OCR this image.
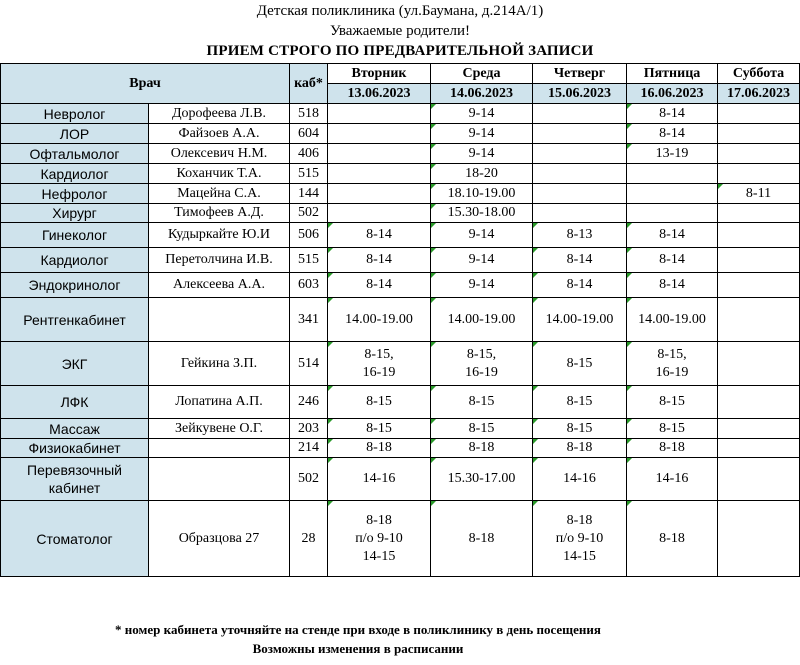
Детская поликлиника (ул.Баумана, д.214А/1)
Уважаемые родители!
ПРИЕМ СТРОГО ПО ПРЕДВАРИТЕЛЬНОЙ ЗАПИСИ
Врач		каб*	Вторник	Среда	Четверг	Пятница	Суббота
			13.06.2023	14.06.2023	15.06.2023	16.06.2023	17.06.2023

Невролог	Дорофеева Л.В.	518		9-14		8-14	

ЛОР	Файзоев А.А.	604		9-14		8-14	

Офтальмолог	Олексевич Н.М.	406		9-14		13-19	

Кардиолог	Коханчик Т.А.	515		18-20			

Нефролог	Мацейна С.А.	144		18.10-19.00			8-11

Хирург	Тимофеев А.Д.	502		15.30-18.00			

Гинеколог	Кудыркайте Ю.И	506	8-14	9-14	8-13	8-14	

Кардиолог	Перетолчина И.В.	515	8-14	9-14	8-14	8-14	

Эндокринолог	Алексеева А.А.	603	8-14	9-14	8-14	8-14	

Рентгенкабинет		341	14.00-19.00	14.00-19.00	14.00-19.00	14.00-19.00	

ЭКГ	Гейкина З.П.	514	8-15,
16-19	8-15,
16-19	8-15	8-15,
16-19	

ЛФК	Лопатина А.П.	246	8-15	8-15	8-15	8-15	

Массаж	Зейкувене О.Г.	203	8-15	8-15	8-15	8-15	

Физиокабинет		214	8-18	8-18	8-18	8-18	

Перевязочный
кабинет		502	14-16	15.30-17.00	14-16	14-16	

Стоматолог	Образцова 27	28	8-18
п/о 9-10
14-15	8-18	8-18
п/о 9-10
14-15	8-18	

* номер кабинета уточняйте на стенде при входе в поликлинику в день посещения
Возможны изменения в расписании
